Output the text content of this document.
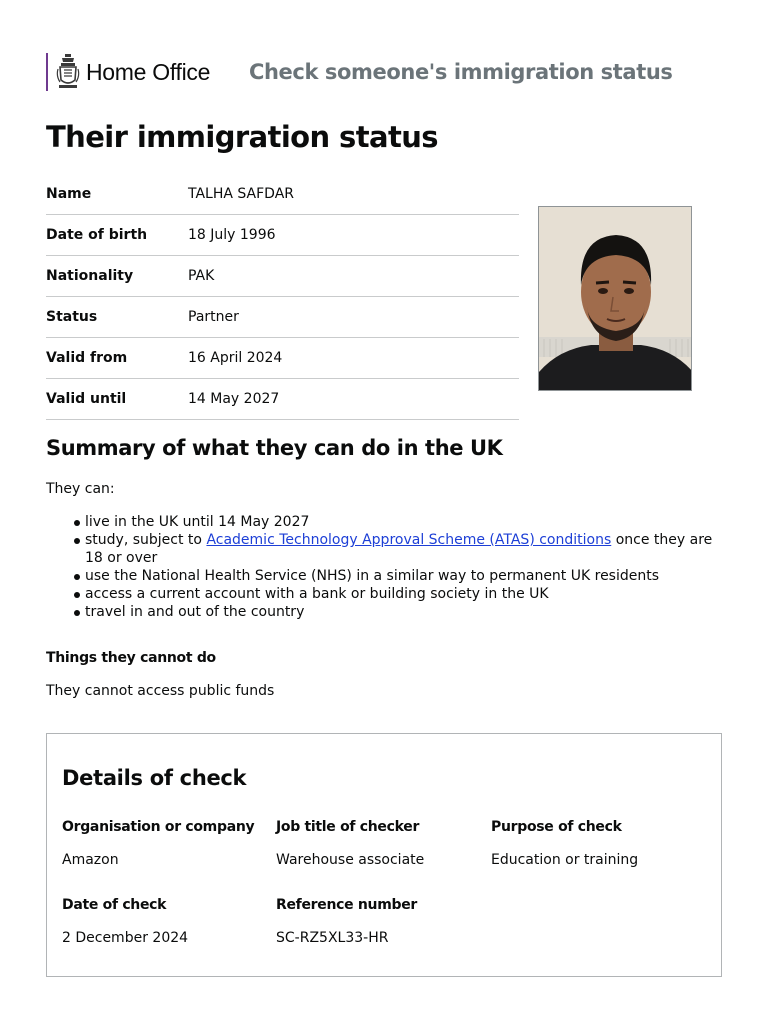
Home Office Check someone's immigration status
Their immigration status
Name	TALHA SAFDAR
Date of birth	18 July 1996
Nationality	PAK
Status	Partner
Valid from	16 April 2024
Valid until	14 May 2027
Summary of what they can do in the UK

They can:

live in the UK until 14 May 2027
study, subject to Academic Technology Approval Scheme (ATAS) conditions once they are 18 or over
use the National Health Service (NHS) in a similar way to permanent UK residents
access a current account with a bank or building society in the UK
travel in and out of the country
Things they cannot do

They cannot access public funds

Details of check
Organisation or company
Amazon
Job title of checker
Warehouse associate
Purpose of check
Education or training
Date of check
2 December 2024
Reference number
SC-RZ5XL33-HR
